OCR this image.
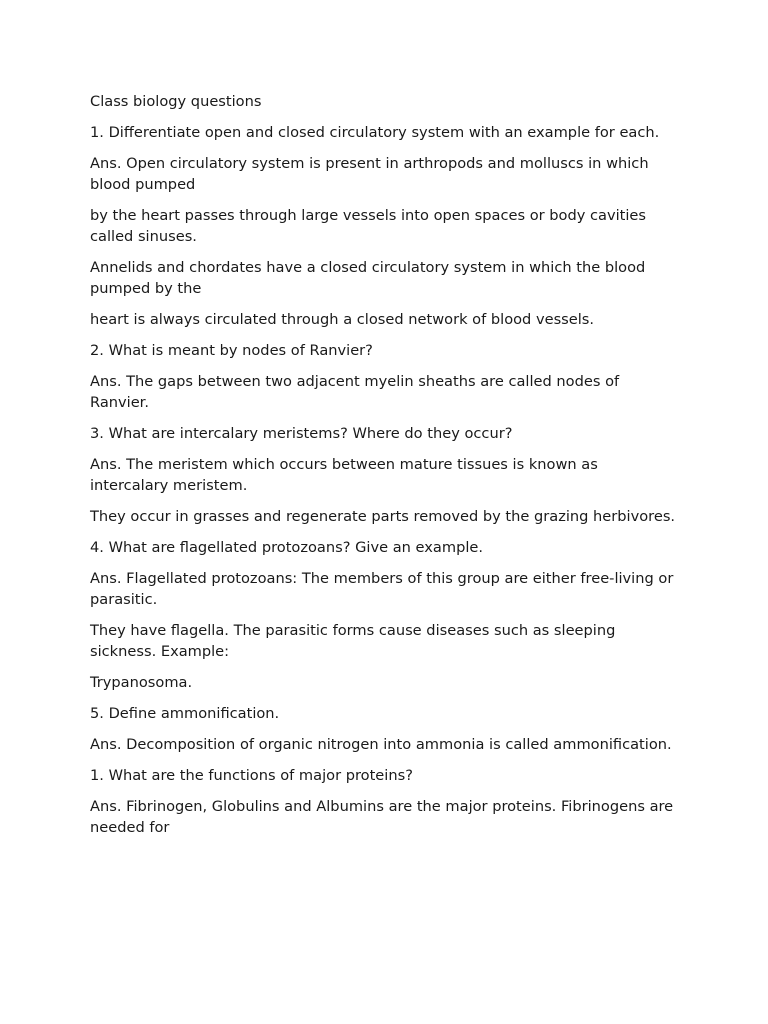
Class biology questions

1. Differentiate open and closed circulatory system with an example for each.

Ans. Open circulatory system is present in arthropods and molluscs in which blood pumped

by the heart passes through large vessels into open spaces or body cavities called sinuses.

Annelids and chordates have a closed circulatory system in which the blood pumped by the

heart is always circulated through a closed network of blood vessels.

2. What is meant by nodes of Ranvier?

Ans. The gaps between two adjacent myelin sheaths are called nodes of Ranvier.

3. What are intercalary meristems? Where do they occur?

Ans. The meristem which occurs between mature tissues is known as intercalary meristem.

They occur in grasses and regenerate parts removed by the grazing herbivores.

4. What are flagellated protozoans? Give an example.

Ans. Flagellated protozoans: The members of this group are either free-living or parasitic.

They have flagella. The parasitic forms cause diseases such as sleeping sickness. Example:

Trypanosoma.

5. Define ammonification.

Ans. Decomposition of organic nitrogen into ammonia is called ammonification.

1. What are the functions of major proteins?

Ans. Fibrinogen, Globulins and Albumins are the major proteins. Fibrinogens are needed for
